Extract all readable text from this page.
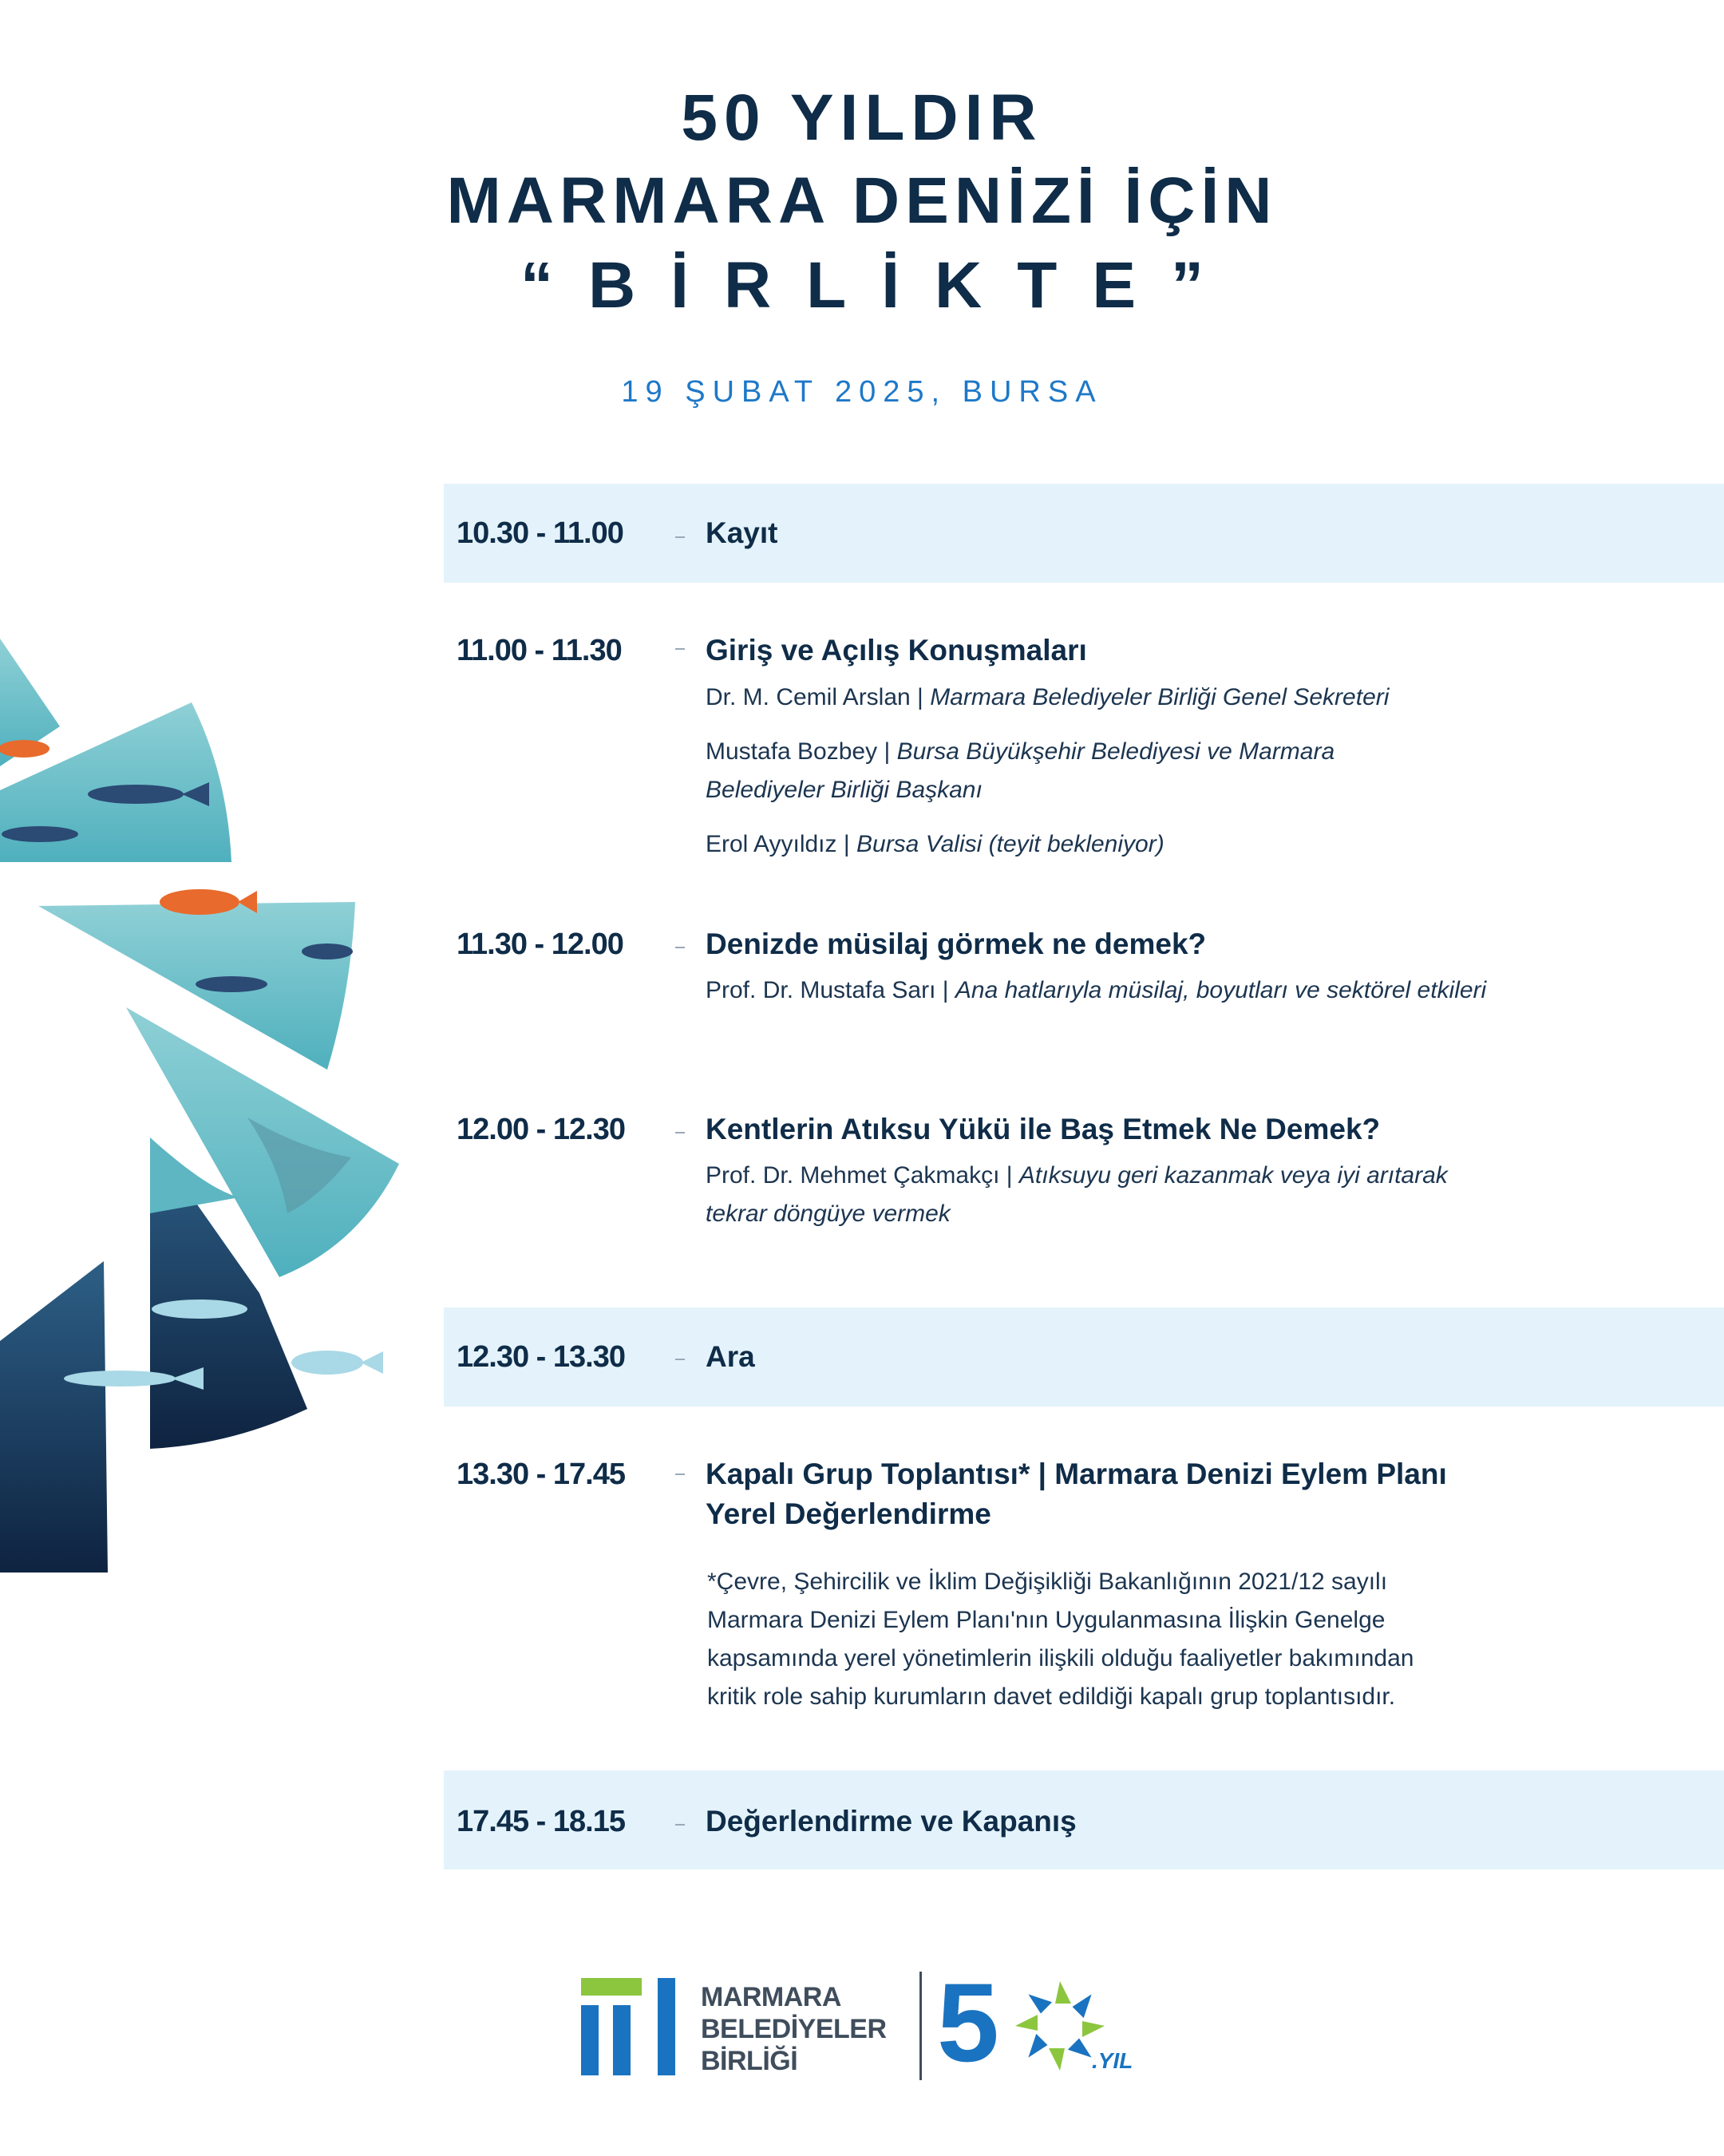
50 YILDIR
MARMARA DENİZİ İÇİN
“BİRLİKTE”

19 ŞUBAT 2025, BURSA

10.30 - 11.00	Kayıt
11.00 - 11.30	Giriş ve Açılış Konuşmaları
Dr. M. Cemil Arslan | Marmara Belediyeler Birliği Genel Sekreteri
Mustafa Bozbey | Bursa Büyükşehir Belediyesi ve Marmara
Belediyeler Birliği Başkanı
Erol Ayyıldız | Bursa Valisi (teyit bekleniyor)
11.30 - 12.00	Denizde müsilaj görmek ne demek?
Prof. Dr. Mustafa Sarı | Ana hatlarıyla müsilaj, boyutları ve sektörel etkileri
12.00 - 12.30	Kentlerin Atıksu Yükü ile Baş Etmek Ne Demek?
Prof. Dr. Mehmet Çakmakçı | Atıksuyu geri kazanmak veya iyi arıtarak
tekrar döngüye vermek
12.30 - 13.30	Ara
13.30 - 17.45	Kapalı Grup Toplantısı* | Marmara Denizi Eylem Planı
Yerel Değerlendirme
*Çevre, Şehircilik ve İklim Değişikliği Bakanlığının 2021/12 sayılı
Marmara Denizi Eylem Planı'nın Uygulanmasına İlişkin Genelge
kapsamında yerel yönetimlerin ilişkili olduğu faaliyetler bakımından
kritik role sahip kurumların davet edildiği kapalı grup toplantısıdır.
17.45 - 18.15	Değerlendirme ve Kapanış
MARMARA
BELEDİYELER
BİRLİĞİ	5	.YIL
